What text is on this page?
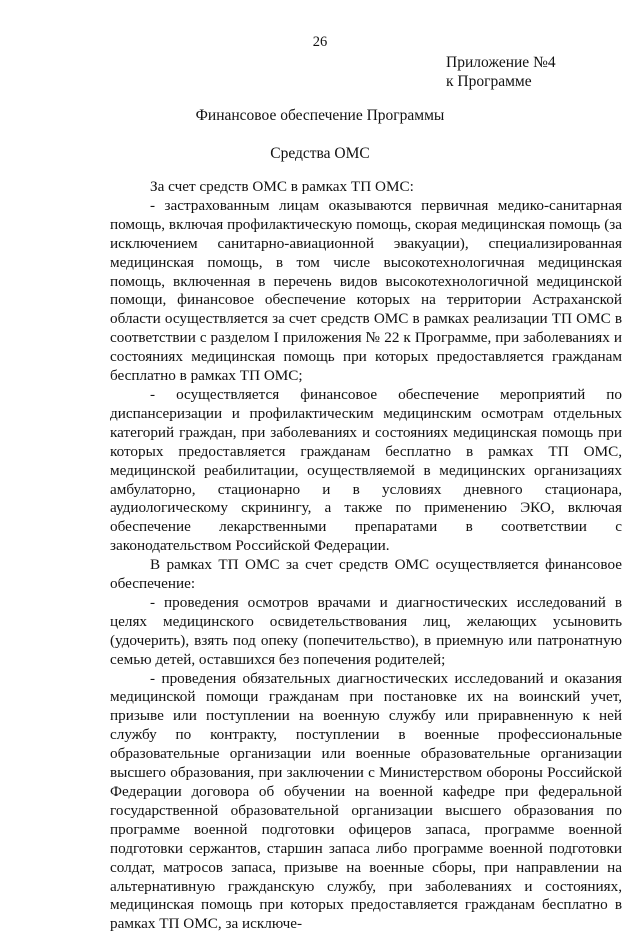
26
Приложение №4
к Программе
Финансовое обеспечение Программы
Средства ОМС

За счет средств ОМС в рамках ТП ОМС:

- застрахованным лицам оказываются первичная медико-санитарная помощь, включая профилактическую помощь, скорая медицинская помощь (за исключением санитарно-авиационной эвакуации), специализированная медицинская помощь, в том числе высокотехнологичная медицинская помощь, включенная в перечень видов высокотехнологичной медицинской помощи, финансовое обеспечение которых на территории Астраханской области осуществляется за счет средств ОМС в рамках реализации ТП ОМС в соответствии с разделом I приложения № 22 к Программе, при заболеваниях и состояниях медицинская помощь при которых предоставляется гражданам бесплатно в рамках ТП ОМС;

- осуществляется финансовое обеспечение мероприятий по диспансеризации и профилактическим медицинским осмотрам отдельных категорий граждан, при заболеваниях и состояниях медицинская помощь при которых предоставляется гражданам бесплатно в рамках ТП ОМС, медицинской реабилитации, осуществляемой в медицинских организациях амбулаторно, стационарно и в условиях дневного стационара, аудиологическому скринингу, а также по применению ЭКО, включая обеспечение лекарственными препаратами в соответствии с законодательством Российской Федерации.

В рамках ТП ОМС за счет средств ОМС осуществляется финансовое обеспечение:

- проведения осмотров врачами и диагностических исследований в целях медицинского освидетельствования лиц, желающих усыновить (удочерить), взять под опеку (попечительство), в приемную или патронатную семью детей, оставшихся без попечения родителей;

- проведения обязательных диагностических исследований и оказания медицинской помощи гражданам при постановке их на воинский учет, призыве или поступлении на военную службу или приравненную к ней службу по контракту, поступлении в военные профессиональные образовательные организации или военные образовательные организации высшего образования, при заключении с Министерством обороны Российской Федерации договора об обучении на военной кафедре при федеральной государственной образовательной организации высшего образования по программе военной подготовки офицеров запаса, программе военной подготовки сержантов, старшин запаса либо программе военной подготовки солдат, матросов запаса, призыве на военные сборы, при направлении на альтернативную гражданскую службу, при заболеваниях и состояниях, медицинская помощь при которых предоставляется гражданам бесплатно в рамках ТП ОМС, за исключе-
